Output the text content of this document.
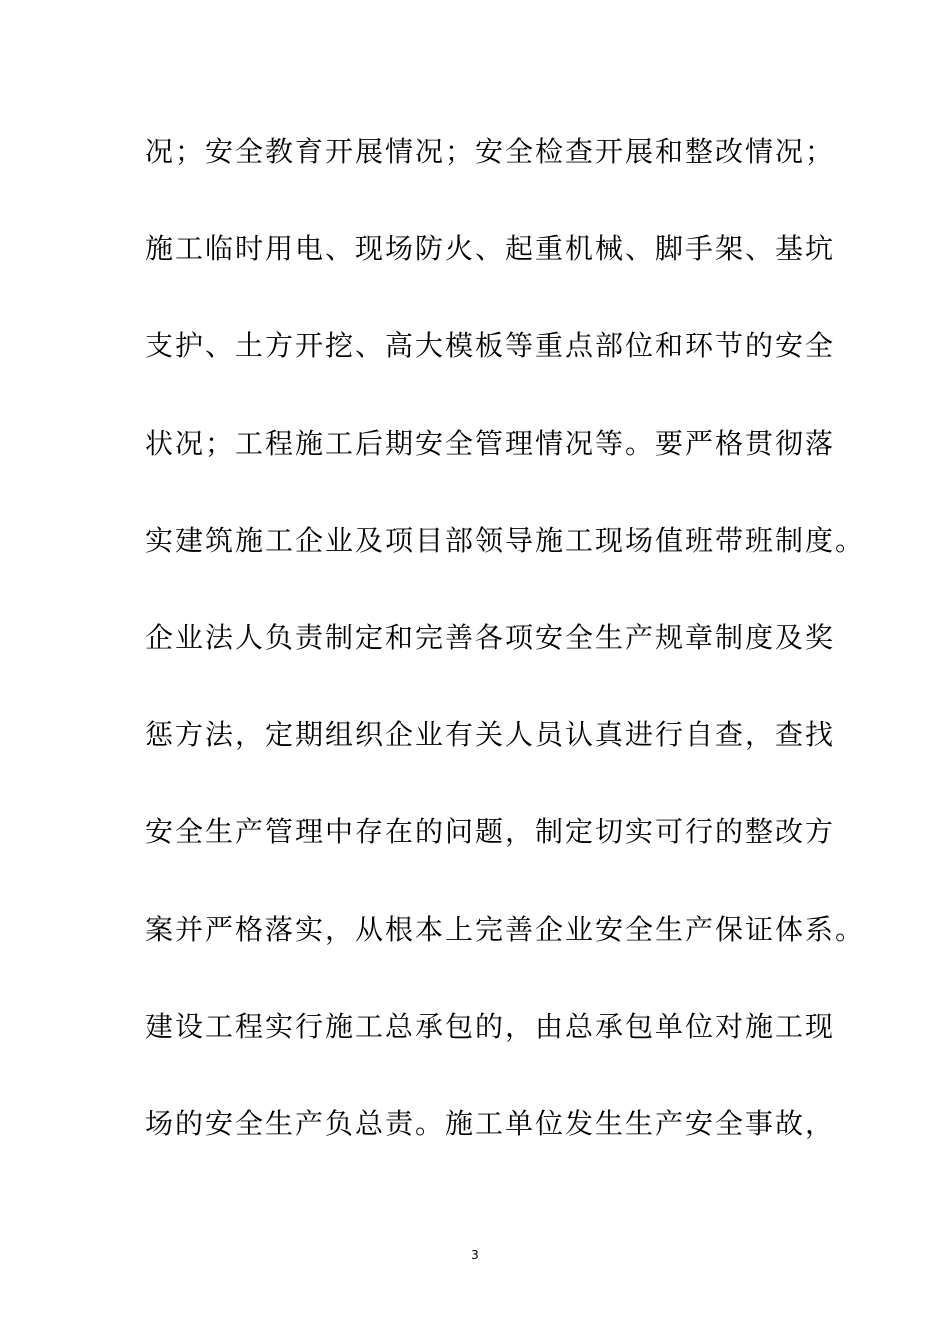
况；安全教育开展情况；安全检查开展和整改情况；
施工临时用电、现场防火、起重机械、脚手架、基坑
支护、土方开挖、高大模板等重点部位和环节的安全
状况；工程施工后期安全管理情况等。要严格贯彻落
实建筑施工企业及项目部领导施工现场值班带班制度。
企业法人负责制定和完善各项安全生产规章制度及奖
惩方法，定期组织企业有关人员认真进行自查，查找
安全生产管理中存在的问题，制定切实可行的整改方
案并严格落实，从根本上完善企业安全生产保证体系。
建设工程实行施工总承包的，由总承包单位对施工现
场的安全生产负总责。施工单位发生生产安全事故，
3
